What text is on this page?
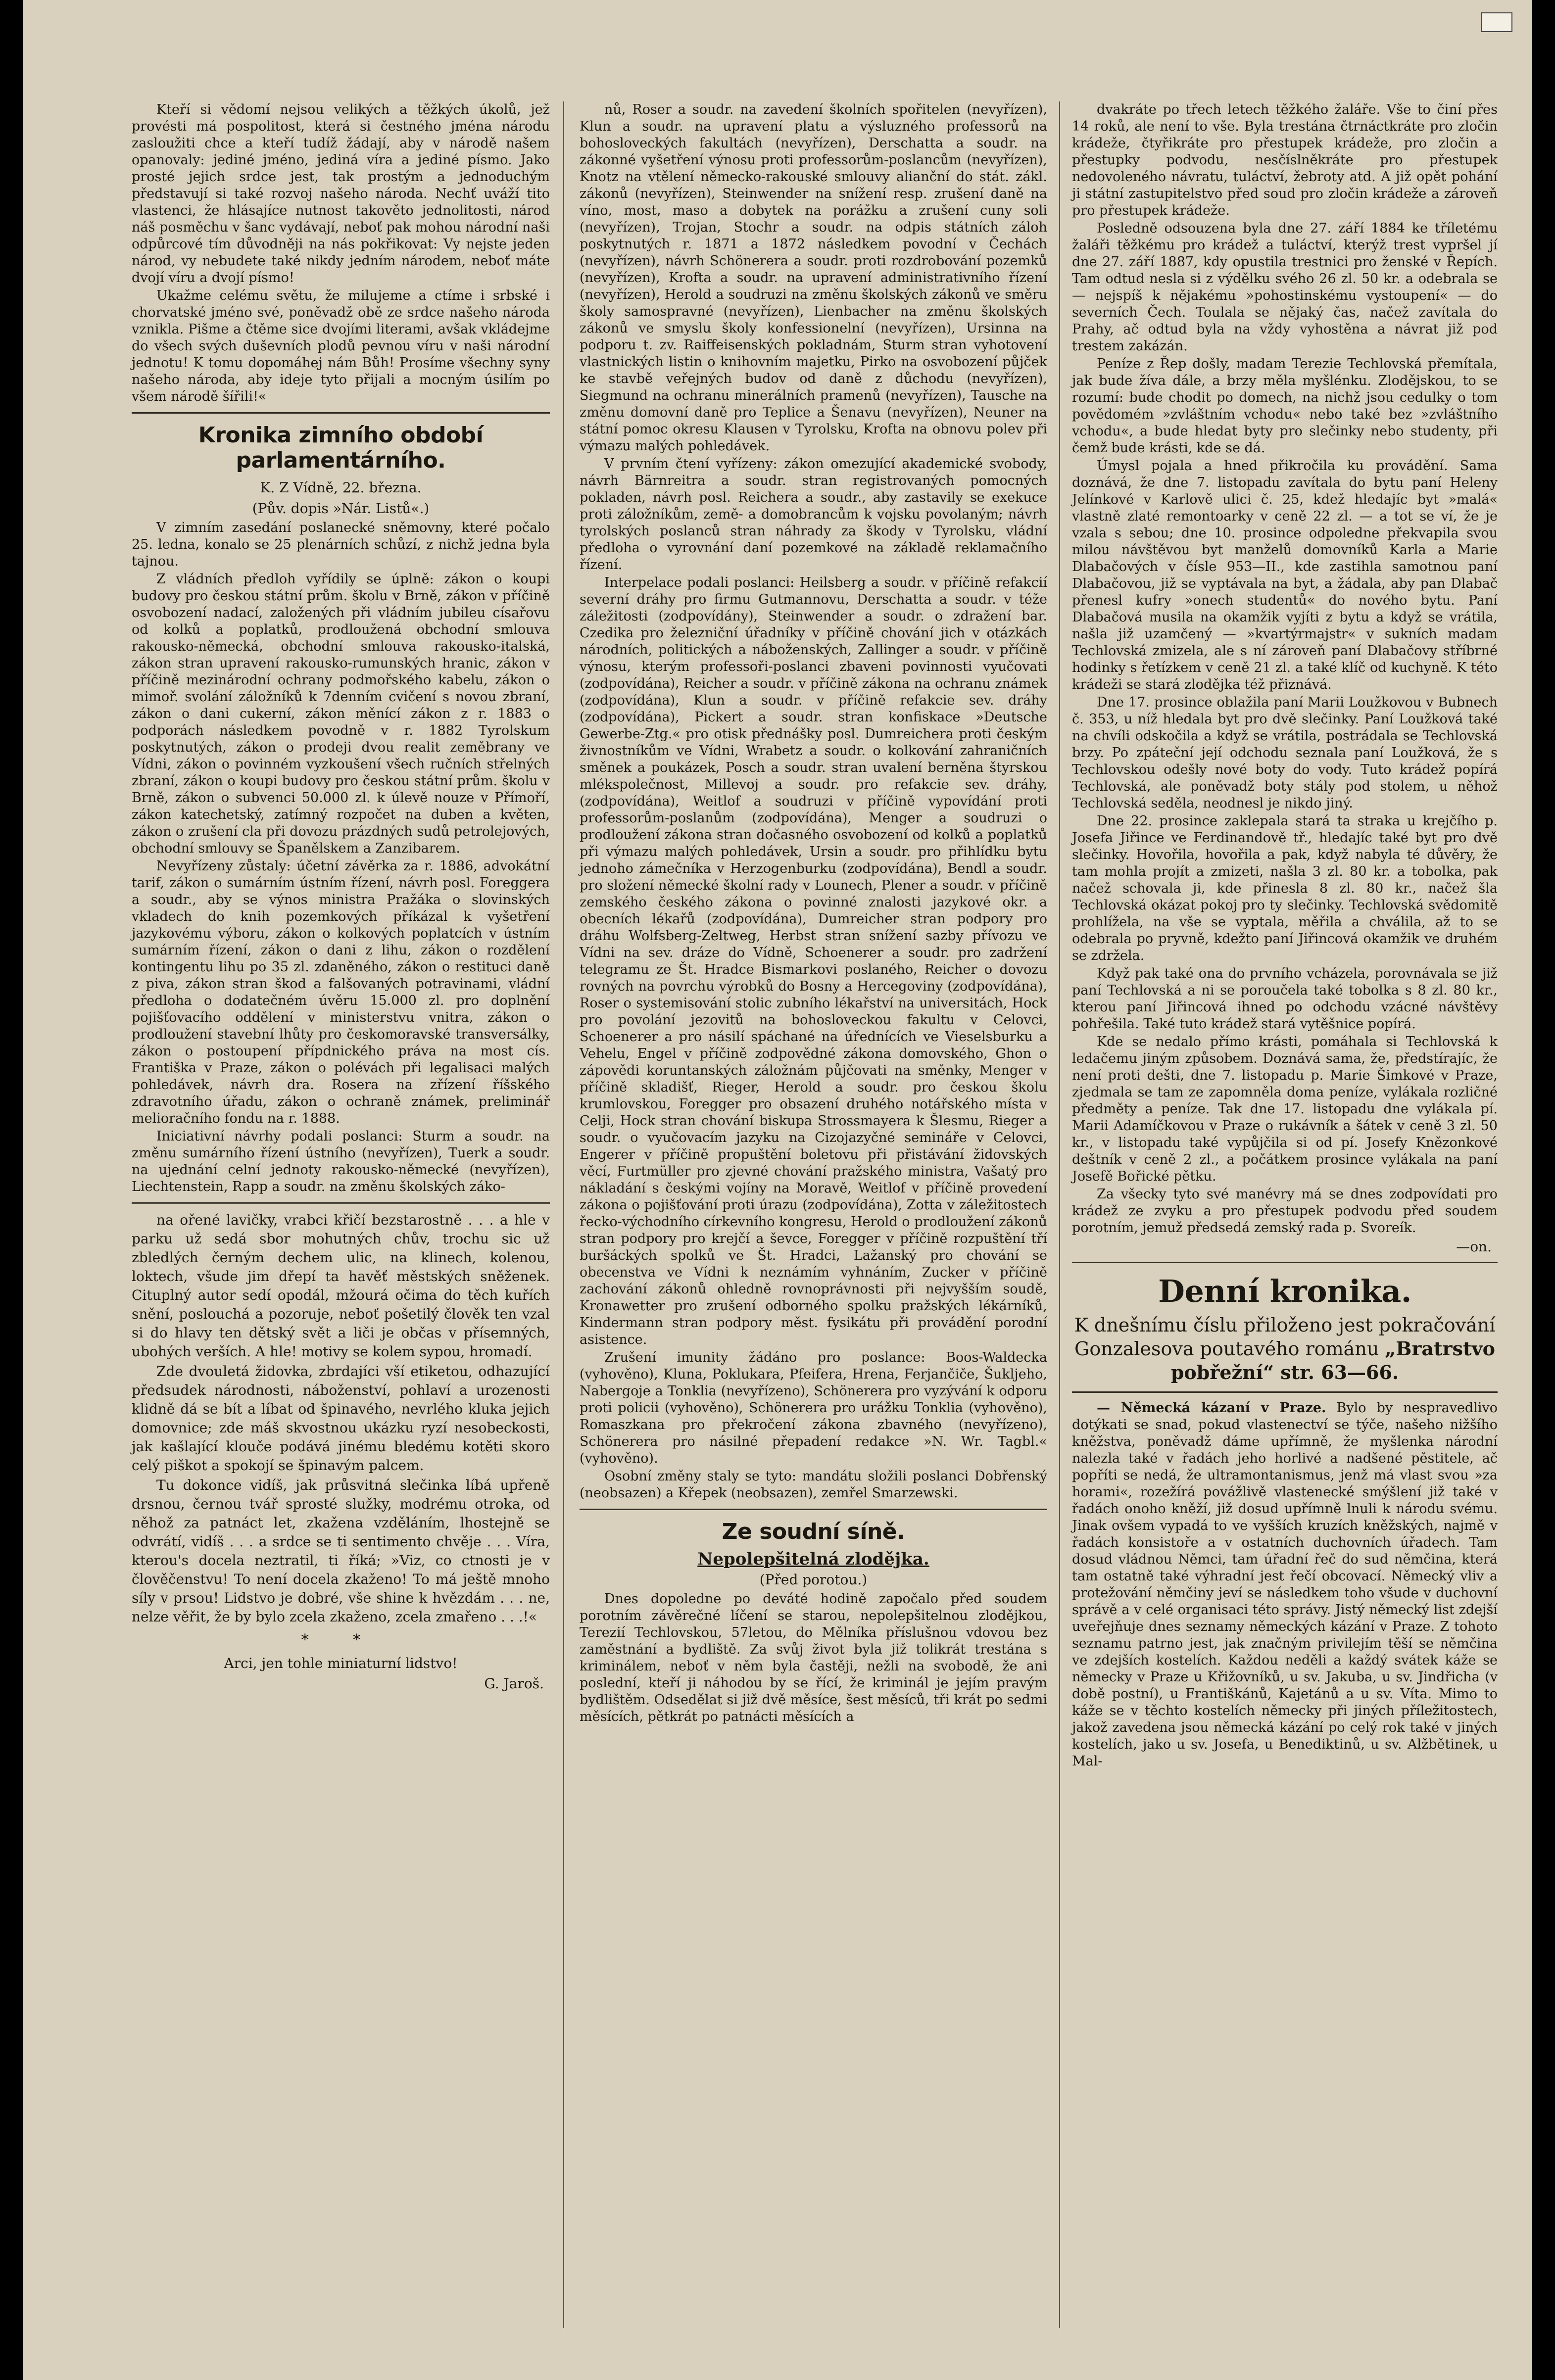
Kteří si vědomí nejsou velikých a těžkých úkolů, jež provésti má pospolitost, která si čestného jména národu zasloužiti chce a kteří tudíž žádají, aby v národě našem opanovaly: jediné jméno, jediná víra a jediné písmo. Jako prosté jejich srdce jest, tak prostým a jednoduchým představují si také rozvoj našeho národa. Nechť uváží tito vlastenci, že hlásajíce nutnost takověto jednolitosti, národ náš posměchu v šanc vydávají, neboť pak mohou národní naši odpůrcové tím důvodněji na nás pokřikovat: Vy nejste jeden národ, vy nebudete také nikdy jedním národem, neboť máte dvojí víru a dvojí písmo!

Ukažme celému světu, že milujeme a ctíme i srbské i chorvatské jméno své, poněvadž obě ze srdce našeho národa vznikla. Pišme a čtěme sice dvojími literami, avšak vkládejme do všech svých duševních plodů pevnou víru v naši národní jednotu! K tomu dopomáhej nám Bůh! Prosíme všechny syny našeho národa, aby ideje tyto přijali a mocným úsilím po všem národě šířili!«

Kronika zimního období parlamentárního.
K. Z Vídně, 22. března.
(Pův. dopis »Nár. Listů«.)

V zimním zasedání poslanecké sněmovny, které počalo 25. ledna, konalo se 25 plenárních schůzí, z nichž jedna byla tajnou.

Z vládních předloh vyřídily se úplně: zákon o koupi budovy pro českou státní prům. školu v Brně, zákon v příčině osvobození nadací, založených při vládním jubileu císařovu od kolků a poplatků, prodloužená obchodní smlouva rakousko-německá, obchodní smlouva rakousko-italská, zákon stran upravení rakousko-rumunských hranic, zákon v příčině mezinárodní ochrany podmořského kabelu, zákon o mimoř. svolání záložníků k 7denním cvičení s novou zbraní, zákon o dani cukerní, zákon měnící zákon z r. 1883 o podporách následkem povodně v r. 1882 Tyrolskum poskytnutých, zákon o prodeji dvou realit zeměbrany ve Vídni, zákon o povinném vyzkoušení všech ručních střelných zbraní, zákon o koupi budovy pro českou státní prům. školu v Brně, zákon o subvenci 50.000 zl. k úlevě nouze v Přímoří, zákon katechetský, zatímný rozpočet na duben a květen, zákon o zrušení cla při dovozu prázdných sudů petrolejových, obchodní smlouvy se Španělskem a Zanzibarem.

Nevyřízeny zůstaly: účetní závěrka za r. 1886, advokátní tarif, zákon o sumárním ústním řízení, návrh posl. Foreggera a soudr., aby se výnos ministra Pražáka o slovinských vkladech do knih pozemkových příkázal k vyšetření jazykovému výboru, zákon o kolkových poplatcích v ústním sumárním řízení, zákon o dani z lihu, zákon o rozdělení kontingentu lihu po 35 zl. zdaněného, zákon o restituci daně z piva, zákon stran škod a falšovaných potravinami, vládní předloha o dodatečném úvěru 15.000 zl. pro doplnění pojišťovacího oddělení v ministerstvu vnitra, zákon o prodloužení stavební lhůty pro českomoravské transversálky, zákon o postoupení přípdnického práva na most cís. Františka v Praze, zákon o polévách při legalisaci malých pohledávek, návrh dra. Rosera na zřízení říšského zdravotního úřadu, zákon o ochraně známek, preliminář melioračního fondu na r. 1888.

Iniciativní návrhy podali poslanci: Sturm a soudr. na změnu sumárního řízení ústního (nevyřízen), Tuerk a soudr. na ujednání celní jednoty rakousko-německé (nevyřízen), Liechtenstein, Rapp a soudr. na změnu školských záko-

na ořené lavičky, vrabci křičí bezstarostně . . . a hle v parku už sedá sbor mohutných chův, trochu sic už zbledlých černým dechem ulic, na klinech, kolenou, loktech, všude jim dřepí ta havěť městských sněženek. Cituplný autor sedí opodál, mžourá očima do těch kuřích snění, poslouchá a pozoruje, neboť pošetilý člověk ten vzal si do hlavy ten dětský svět a liči je občas v přísemných, ubohých verších. A hle! motivy se kolem sypou, hromadí.

Zde dvouletá židovka, zbrdajíci vší etiketou, odhazující předsudek národnosti, náboženství, pohlaví a urozenosti klidně dá se bít a líbat od špinavého, nevrlého kluka jejich domovnice; zde máš skvostnou ukázku ryzí nesobeckosti, jak kašlající klouče podává jinému bledému kotěti skoro celý piškot a spokojí se špinavým palcem.

Tu dokonce vidíš, jak průsvitná slečinka líbá upřeně drsnou, černou tvář sprosté služky, modrému otroka, od něhož za patnáct let, zkažena vzděláním, lhostejně se odvrátí, vidíš . . . a srdce se ti sentimento chvěje . . . Víra, kterou's docela neztratil, ti říká; »Viz, co ctnosti je v člověčenstvu! To není docela zkaženo! To má ještě mnoho síly v prsou! Lidstvo je dobré, vše shine k hvězdám . . . ne, nelze věřit, že by bylo zcela zkaženo, zcela zmařeno . . .!«

* *
Arci, jen tohle miniaturní lidstvo!
G. Jaroš.

nů, Roser a soudr. na zavedení školních spořitelen (nevyřízen), Klun a soudr. na upravení platu a výsluzného professorů na bohosloveckých fakultách (nevyřízen), Derschatta a soudr. na zákonné vyšetření výnosu proti professorům-poslancům (nevyřízen), Knotz na vtělení německo-rakouské smlouvy alianční do stát. zákl. zákonů (nevyřízen), Steinwender na snížení resp. zrušení daně na víno, most, maso a dobytek na porážku a zrušení cuny soli (nevyřízen), Trojan, Stochr a soudr. na odpis státních záloh poskytnutých r. 1871 a 1872 následkem povodní v Čechách (nevyřízen), návrh Schönerera a soudr. proti rozdrobování pozemků (nevyřízen), Krofta a soudr. na upravení administrativního řízení (nevyřízen), Herold a soudruzi na změnu školských zákonů ve směru školy samospravné (nevyřízen), Lienbacher na změnu školských zákonů ve smyslu školy konfessionelní (nevyřízen), Ursinna na podporu t. zv. Raiffeisenských pokladnám, Sturm stran vyhotovení vlastnických listin o knihovním majetku, Pirko na osvobození půjček ke stavbě veřejných budov od daně z důchodu (nevyřízen), Siegmund na ochranu minerálních pramenů (nevyřízen), Tausche na změnu domovní daně pro Teplice a Šenavu (nevyřízen), Neuner na státní pomoc okresu Klausen v Tyrolsku, Krofta na obnovu polev při výmazu malých pohledávek.

V prvním čtení vyřízeny: zákon omezující akademické svobody, návrh Bärnreitra a soudr. stran registrovaných pomocných pokladen, návrh posl. Reichera a soudr., aby zastavily se exekuce proti záložníkům, země- a domobrancům k vojsku povolaným; návrh tyrolských poslanců stran náhrady za škody v Tyrolsku, vládní předloha o vyrovnání daní pozemkové na základě reklamačního řízení.

Interpelace podali poslanci: Heilsberg a soudr. v příčině refakcií severní dráhy pro firmu Gutmannovu, Derschatta a soudr. v téže záležitosti (zodpovídány), Steinwender a soudr. o zdražení bar. Czedika pro železniční úřadníky v příčině chování jich v otázkách národních, politických a náboženských, Zallinger a soudr. v příčině výnosu, kterým professoři-poslanci zbaveni povinnosti vyučovati (zodpovídána), Reicher a soudr. v příčině zákona na ochranu známek (zodpovídána), Klun a soudr. v příčině refakcie sev. dráhy (zodpovídána), Pickert a soudr. stran konfiskace »Deutsche Gewerbe-Ztg.« pro otisk přednášky posl. Dumreichera proti českým živnostníkům ve Vídni, Wrabetz a soudr. o kolkování zahraničních směnek a poukázek, Posch a soudr. stran uvalení berněna štyrskou mlékspolečnost, Millevoj a soudr. pro refakcie sev. dráhy, (zodpovídána), Weitlof a soudruzi v příčině vypovídání proti professorům-poslanům (zodpovídána), Menger a soudruzi o prodloužení zákona stran dočasného osvobození od kolků a poplatků při výmazu malých pohledávek, Ursin a soudr. pro přihlídku bytu jednoho zámečníka v Herzogenburku (zodpovídána), Bendl a soudr. pro složení německé školní rady v Lounech, Plener a soudr. v příčině zemského českého zákona o povinné znalosti jazykové okr. a obecních lékařů (zodpovídána), Dumreicher stran podpory pro dráhu Wolfsberg-Zeltweg, Herbst stran snížení sazby přívozu ve Vídni na sev. dráze do Vídně, Schoenerer a soudr. pro zadržení telegramu ze Št. Hradce Bismarkovi poslaného, Reicher o dovozu rovných na povrchu výrobků do Bosny a Hercegoviny (zodpovídána), Roser o systemisování stolic zubního lékařství na universitách, Hock pro povolání jezovitů na bohosloveckou fakultu v Celovci, Schoenerer a pro násilí spáchané na úřednících ve Vieselsburku a Vehelu, Engel v příčině zodpovědné zákona domovského, Ghon o zápovědi koruntanských záložnám půjčovati na směnky, Menger v příčině skladišť, Rieger, Herold a soudr. pro českou školu krumlovskou, Foregger pro obsazení druhého notářského místa v Celji, Hock stran chování biskupa Strossmayera k Šlesmu, Rieger a soudr. o vyučovacím jazyku na Cizojazyčné semináře v Celovci, Engerer v příčině propuštění boletovu při přistávání židovských věcí, Furtmüller pro zjevné chování pražského ministra, Vašatý pro nákladání s českými vojíny na Moravě, Weitlof v příčině provedení zákona o pojišťování proti úrazu (zodpovídána), Zotta v záležitostech řecko-východního církevního kongresu, Herold o prodloužení zákonů stran podpory pro krejčí a ševce, Foregger v příčině rozpuštění tří buršáckých spolků ve Št. Hradci, Lažanský pro chování se obecenstva ve Vídni k neznámím vyhnáním, Zucker v příčině zachování zákonů ohledně rovnoprávnosti při nejvyšším soudě, Kronawetter pro zrušení odborného spolku pražských lékárníků, Kindermann stran podpory měst. fysikátu při provádění porodní asistence.

Zrušení imunity žádáno pro poslance: Boos-Waldecka (vyhověno), Kluna, Poklukara, Pfeifera, Hrena, Ferjančiče, Šukljeho, Nabergoje a Tonklia (nevyřízeno), Schönerera pro vyzývání k odporu proti policii (vyhověno), Schönerera pro urážku Tonklia (vyhověno), Romaszkana pro překročení zákona zbavného (nevyřízeno), Schönerera pro násilné přepadení redakce »N. Wr. Tagbl.« (vyhověno).

Osobní změny staly se tyto: mandátu složili poslanci Dobřenský (neobsazen) a Křepek (neobsazen), zemřel Smarzewski.

Ze soudní síně.
Nepolepšitelná zlodějka.
(Před porotou.)

Dnes dopoledne po deváté hodině započalo před soudem porotním závěrečné líčení se starou, nepolepšitelnou zlodějkou, Terezií Techlovskou, 57letou, do Mělníka příslušnou vdovou bez zaměstnání a bydliště. Za svůj život byla již tolikrát trestána s kriminálem, neboť v něm byla častěji, nežli na svobodě, že ani poslední, kteří ji náhodou by se řící, že kriminál je jejím pravým bydlištěm. Odsedělat si již dvě měsíce, šest měsíců, tři krát po sedmi měsících, pětkrát po patnácti měsících a

dvakráte po třech letech těžkého žaláře. Vše to činí přes 14 roků, ale není to vše. Byla trestána čtrnáctkráte pro zločin krádeže, čtyřikráte pro přestupek krádeže, pro zločin a přestupky podvodu, nesčíslněkráte pro přestupek nedovoleného návratu, tuláctví, žebroty atd. A již opět pohání ji státní zastupitelstvo před soud pro zločin krádeže a zároveň pro přestupek krádeže.

Posledně odsouzena byla dne 27. září 1884 ke tříletému žaláři těžkému pro krádež a tuláctví, kterýž trest vypršel jí dne 27. září 1887, kdy opustila trestnici pro ženské v Řepích. Tam odtud nesla si z výdělku svého 26 zl. 50 kr. a odebrala se — nejspíš k nějakému »pohostinskému vystoupení« — do severních Čech. Toulala se nějaký čas, načež zavítala do Prahy, ač odtud byla na vždy vyhostěna a návrat již pod trestem zakázán.

Peníze z Řep došly, madam Terezie Techlovská přemítala, jak bude žíva dále, a brzy měla myšlénku. Zlodějskou, to se rozumí: bude chodit po domech, na nichž jsou cedulky o tom povědomém »zvláštním vchodu« nebo také bez »zvláštního vchodu«, a bude hledat byty pro slečinky nebo studenty, při čemž bude krásti, kde se dá.

Úmysl pojala a hned přikročila ku provádění. Sama doznává, že dne 7. listopadu zavítala do bytu paní Heleny Jelínkové v Karlově ulici č. 25, kdež hledajíc byt »malá« vlastně zlaté remontoarky v ceně 22 zl. — a tot se ví, že je vzala s sebou; dne 10. prosince odpoledne překvapila svou milou návštěvou byt manželů domovníků Karla a Marie Dlabačových v čísle 953—II., kde zastihla samotnou paní Dlabačovou, již se vyptávala na byt, a žádala, aby pan Dlabač přenesl kufry »onech studentů« do nového bytu. Paní Dlabačová musila na okamžik vyjíti z bytu a když se vrátila, našla již uzamčený — »kvartýrmajstr« v sukních madam Techlovská zmizela, ale s ní zároveň paní Dlabačovy stříbrné hodinky s řetízkem v ceně 21 zl. a také klíč od kuchyně. K této krádeži se stará zlodějka též přiznává.

Dne 17. prosince oblažila paní Marii Loužkovou v Bubnech č. 353, u níž hledala byt pro dvě slečinky. Paní Loužková také na chvíli odskočila a když se vrátila, postrádala se Techlovská brzy. Po zpáteční její odchodu seznala paní Loužková, že s Techlovskou odešly nové boty do vody. Tuto krádež popírá Techlovská, ale poněvadž boty stály pod stolem, u něhož Techlovská seděla, neodnesl je nikdo jiný.

Dne 22. prosince zaklepala stará ta straka u krejčího p. Josefa Jiřince ve Ferdinandově tř., hledajíc také byt pro dvě slečinky. Hovořila, hovořila a pak, když nabyla té důvěry, že tam mohla projít a zmizeti, našla 3 zl. 80 kr. a tobolka, pak načež schovala ji, kde přinesla 8 zl. 80 kr., načež šla Techlovská okázat pokoj pro ty slečinky. Techlovská svědomitě prohlížela, na vše se vyptala, měřila a chválila, až to se odebrala po pryvně, kdežto paní Jiřincová okamžik ve druhém se zdržela.

Když pak také ona do prvního vcházela, porovnávala se již paní Techlovská a ni se poroučela také tobolka s 8 zl. 80 kr., kterou paní Jiřincová ihned po odchodu vzácné návštěvy pohřešila. Také tuto krádež stará vytěšnice popírá.

Kde se nedalo přímo krásti, pomáhala si Techlovská k ledačemu jiným způsobem. Doznává sama, že, předstírajíc, že není proti dešti, dne 7. listopadu p. Marie Šimkové v Praze, zjedmala se tam ze zapomněla doma peníze, vylákala rozličné předměty a peníze. Tak dne 17. listopadu dne vylákala pí. Marii Adamíčkovou v Praze o rukávník a šátek v ceně 3 zl. 50 kr., v listopadu také vypůjčila si od pí. Josefy Knězonkové deštník v ceně 2 zl., a počátkem prosince vylákala na paní Josefě Bořické pětku.

Za všecky tyto své manévry má se dnes zodpovídati pro krádež ze zvyku a pro přestupek podvodu před soudem porotním, jemuž předsedá zemský rada p. Svoreík.

—on.
Denní kronika.
K dnešnímu číslu přiloženo jest pokračování Gonzalesova poutavého románu „Bratrstvo pobřežní“ str. 63—66.

— Německá kázaní v Praze. Bylo by nespravedlivo dotýkati se snad, pokud vlastenectví se týče, našeho nižšího kněžstva, poněvadž dáme upřímně, že myšlenka národní nalezla také v řadách jeho horlivé a nadšené pěstitele, ač popříti se nedá, že ultramontanismus, jenž má vlast svou »za horami«, rozežírá povážlivě vlastenecké smýšlení již také v řadách onoho kněží, již dosud upřímně lnuli k národu svému. Jinak ovšem vypadá to ve vyšších kruzích kněžských, najmě v řadách konsistoře a v ostatních duchovních úřadech. Tam dosud vládnou Němci, tam úřadní řeč do sud němčina, která tam ostatně také výhradní jest řečí obcovací. Německý vliv a protežování němčiny jeví se následkem toho všude v duchovní správě a v celé organisaci této správy. Jistý německý list zdejší uveřejňuje dnes seznamy německých kázání v Praze. Z tohoto seznamu patrno jest, jak značným privilejím těší se němčina ve zdejších kostelích. Každou neděli a každý svátek káže se německy v Praze u Křižovníků, u sv. Jakuba, u sv. Jindřicha (v době postní), u Františkánů, Kajetánů a u sv. Víta. Mimo to káže se v těchto kostelích německy při jiných příležitostech, jakož zavedena jsou německá kázání po celý rok také v jiných kostelích, jako u sv. Josefa, u Benediktinů, u sv. Alžbětinek, u Mal-
